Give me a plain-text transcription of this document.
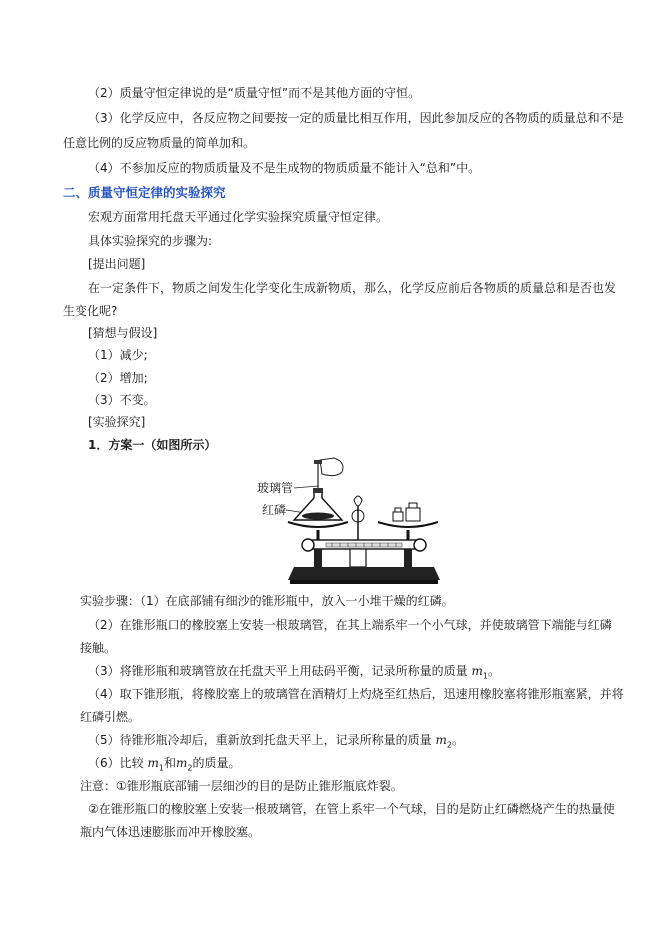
（2）质量守恒定律说的是“质量守恒”而不是其他方面的守恒。
（3）化学反应中，各反应物之间要按一定的质量比相互作用，因此参加反应的各物质的质量总和不是
任意比例的反应物质量的简单加和。
（4）不参加反应的物质质量及不是生成物的物质质量不能计入“总和”中。
二、质量守恒定律的实验探究
宏观方面常用托盘天平通过化学实验探究质量守恒定律。
具体实验探究的步骤为:
[提出问题]
在一定条件下，物质之间发生化学变化生成新物质，那么，化学反应前后各物质的质量总和是否也发
生变化呢?
[猜想与假设]
（1）减少;
（2）增加;
（3）不变。
[实验探究]
1．方案一（如图所示）
玻璃管
红磷
实验步骤：（1）在底部铺有细沙的锥形瓶中，放入一小堆干燥的红磷。
（2）在锥形瓶口的橡胶塞上安装一根玻璃管，在其上端系牢一个小气球，并使玻璃管下端能与红磷
接触。
（3）将锥形瓶和玻璃管放在托盘天平上用砝码平衡，记录所称量的质量 $m_1$。
（4）取下锥形瓶，将橡胶塞上的玻璃管在酒精灯上灼烧至红热后，迅速用橡胶塞将锥形瓶塞紧，并将
红磷引燃。
（5）待锥形瓶冷却后，重新放到托盘天平上，记录所称量的质量 $m_2$。
（6）比较 $m_1$和$m_2$的质量。
注意：①锥形瓶底部铺一层细沙的目的是防止锥形瓶底炸裂。
②在锥形瓶口的橡胶塞上安装一根玻璃管，在管上系牢一个气球，目的是防止红磷燃烧产生的热量使
瓶内气体迅速膨胀而冲开橡胶塞。
